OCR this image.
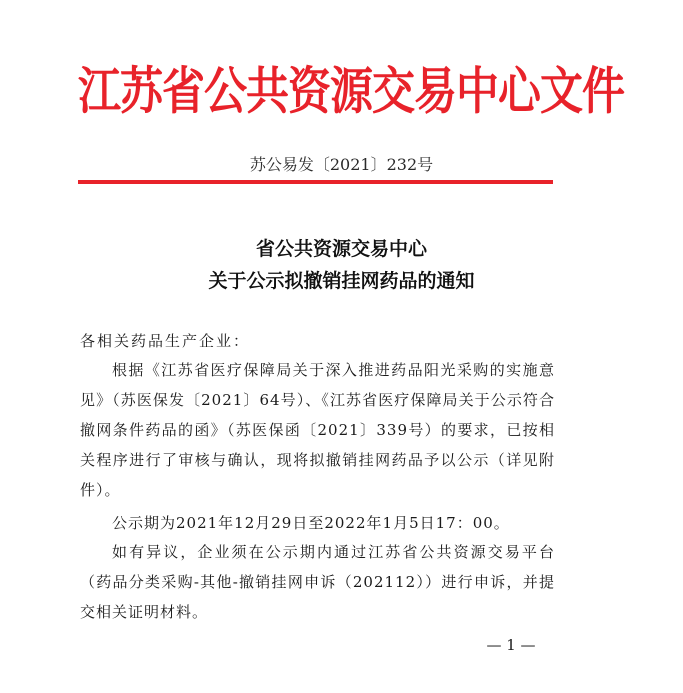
江苏省公共资源交易中心文件
苏公易发〔2021〕232号
省公共资源交易中心
关于公示拟撤销挂网药品的通知
各相关药品生产企业：
根据《江苏省医疗保障局关于深入推进药品阳光采购的实施意见》（苏医保发〔2021〕64号）、《江苏省医疗保障局关于公示符合撤网条件药品的函》（苏医保函〔2021〕339号）的要求，已按相关程序进行了审核与确认，现将拟撤销挂网药品予以公示（详见附件）。
公示期为2021年12月29日至2022年1月5日17：00。
如有异议，企业须在公示期内通过江苏省公共资源交易平台（药品分类采购-其他-撤销挂网申诉（202112））进行申诉，并提交相关证明材料。
— 1 —
